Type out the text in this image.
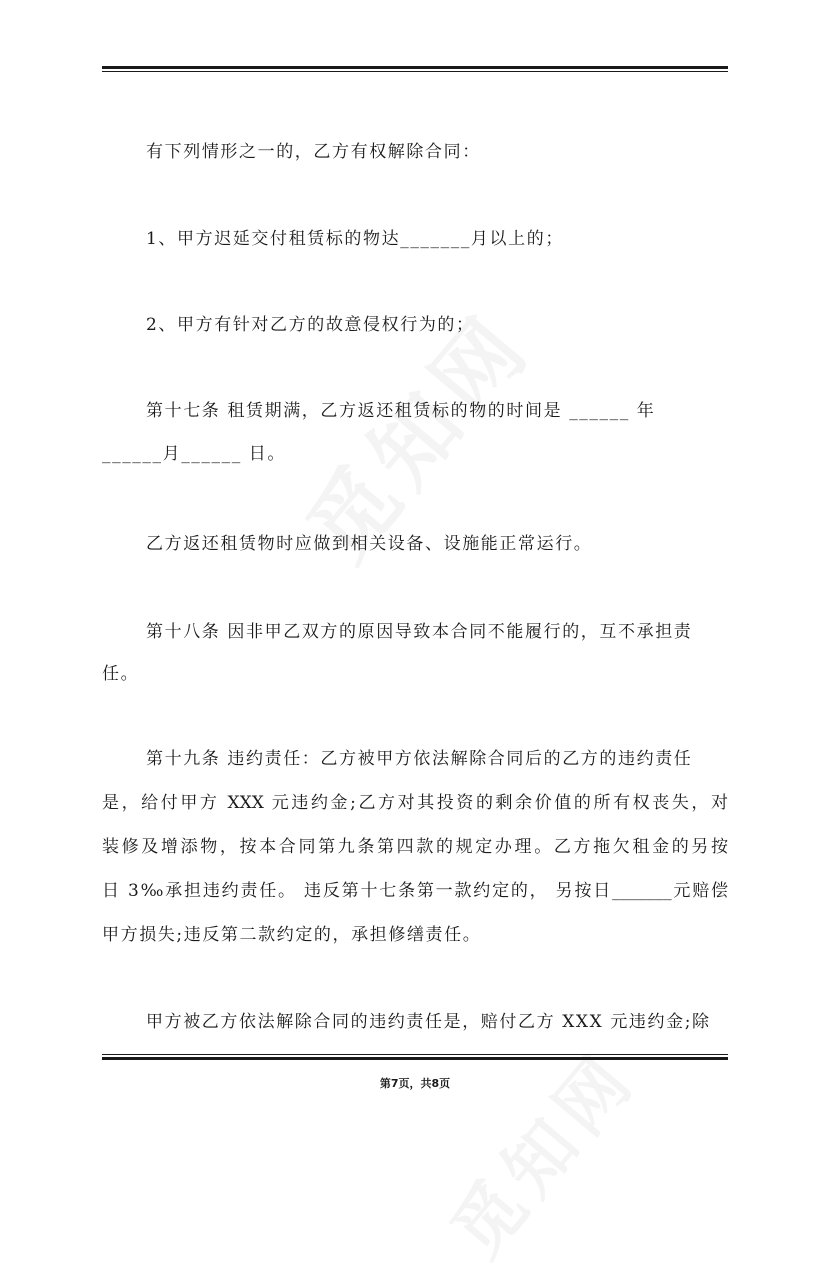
有下列情形之一的，乙方有权解除合同：
1、甲方迟延交付租赁标的物达_______月以上的；
2、甲方有针对乙方的故意侵权行为的；
第十七条 租赁期满，乙方返还租赁标的物的时间是 ______ 年
______月______ 日。
乙方返还租赁物时应做到相关设备、设施能正常运行。
第十八条 因非甲乙双方的原因导致本合同不能履行的，互不承担责
任。
第十九条 违约责任：乙方被甲方依法解除合同后的乙方的违约责任
是，给付甲方 XXX 元违约金;乙方对其投资的剩余价值的所有权丧失，对
装修及增添物，按本合同第九条第四款的规定办理。乙方拖欠租金的另按
日 3‰承担违约责任。 违反第十七条第一款约定的， 另按日_______元赔偿
甲方损失;违反第二款约定的，承担修缮责任。
甲方被乙方依法解除合同的违约责任是，赔付乙方 XXX 元违约金;除
第7页，共8页
